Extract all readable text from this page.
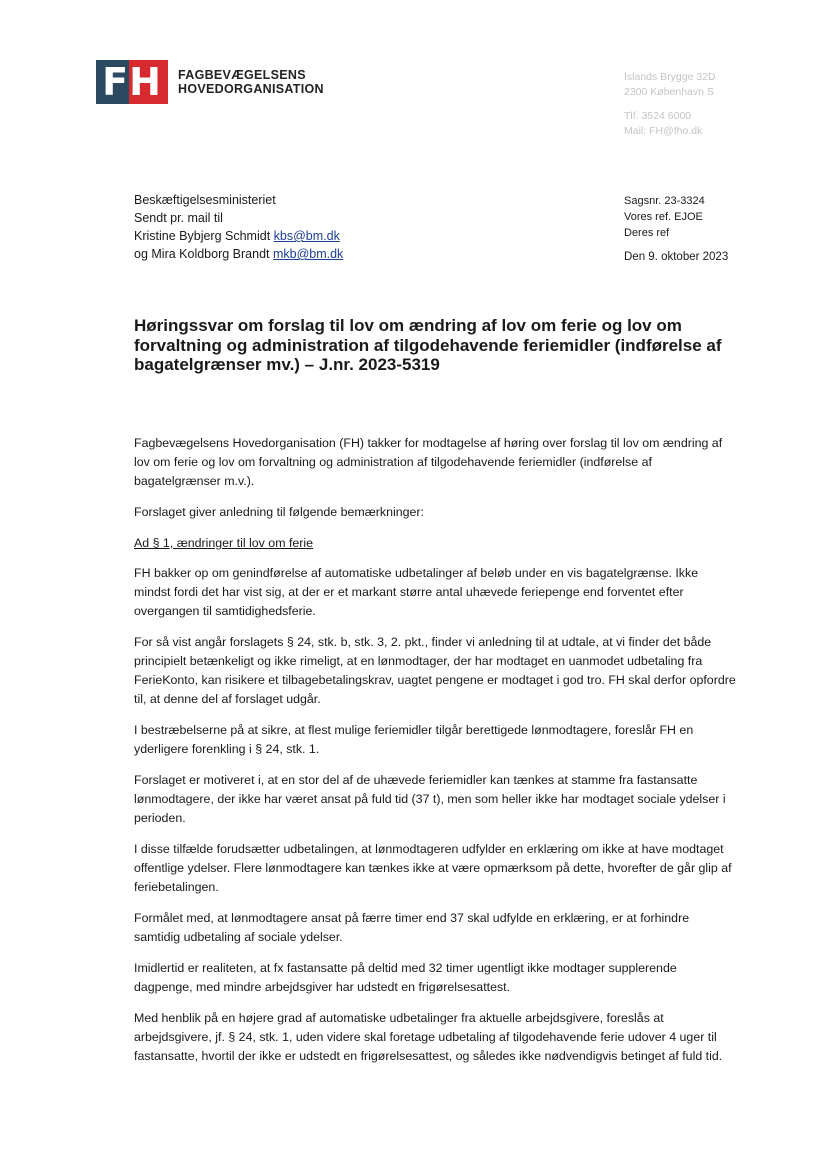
FH	FAGBEVÆGELSENS
HOVEDORGANISATION
Islands Brygge 32D
2300 København S
Tlf. 3524 6000
Mail: FH@fho.dk
Beskæftigelsesministeriet
Sendt pr. mail til
Kristine Bybjerg Schmidt kbs@bm.dk
og Mira Koldborg Brandt mkb@bm.dk
Sagsnr. 23-3324
Vores ref. EJOE
Deres ref
Den 9. oktober 2023
Høringssvar om forslag til lov om ændring af lov om ferie og lov om forvaltning og administration af tilgodehavende feriemidler (indførelse af bagatelgrænser mv.) – J.nr. 2023-5319

Fagbevægelsens Hovedorganisation (FH) takker for modtagelse af høring over forslag til lov om ændring af lov om ferie og lov om forvaltning og administration af tilgodehavende feriemidler (indførelse af bagatelgrænser m.v.).

Forslaget giver anledning til følgende bemærkninger:

Ad § 1, ændringer til lov om ferie

FH bakker op om genindførelse af automatiske udbetalinger af beløb under en vis bagatelgrænse. Ikke mindst fordi det har vist sig, at der er et markant større antal uhævede feriepenge end forventet efter overgangen til samtidighedsferie.

For så vist angår forslagets § 24, stk. b, stk. 3, 2. pkt., finder vi anledning til at udtale, at vi finder det både principielt betænkeligt og ikke rimeligt, at en lønmodtager, der har modtaget en uanmodet udbetaling fra FerieKonto, kan risikere et tilbagebetalingskrav, uagtet pengene er modtaget i god tro. FH skal derfor opfordre til, at denne del af forslaget udgår.

I bestræbelserne på at sikre, at flest mulige feriemidler tilgår berettigede lønmodtagere, foreslår FH en yderligere forenkling i § 24, stk. 1.

Forslaget er motiveret i, at en stor del af de uhævede feriemidler kan tænkes at stamme fra fastansatte lønmodtagere, der ikke har været ansat på fuld tid (37 t), men som heller ikke har modtaget sociale ydelser i perioden.

I disse tilfælde forudsætter udbetalingen, at lønmodtageren udfylder en erklæring om ikke at have modtaget offentlige ydelser. Flere lønmodtagere kan tænkes ikke at være opmærksom på dette, hvorefter de går glip af feriebetalingen.

Formålet med, at lønmodtagere ansat på færre timer end 37 skal udfylde en erklæring, er at forhindre samtidig udbetaling af sociale ydelser.

Imidlertid er realiteten, at fx fastansatte på deltid med 32 timer ugentligt ikke modtager supplerende dagpenge, med mindre arbejdsgiver har udstedt en frigørelsesattest.

Med henblik på en højere grad af automatiske udbetalinger fra aktuelle arbejdsgivere, foreslås at arbejdsgivere, jf. § 24, stk. 1, uden videre skal foretage udbetaling af tilgodehavende ferie udover 4 uger til fastansatte, hvortil der ikke er udstedt en frigørelsesattest, og således ikke nødvendigvis betinget af fuld tid.
